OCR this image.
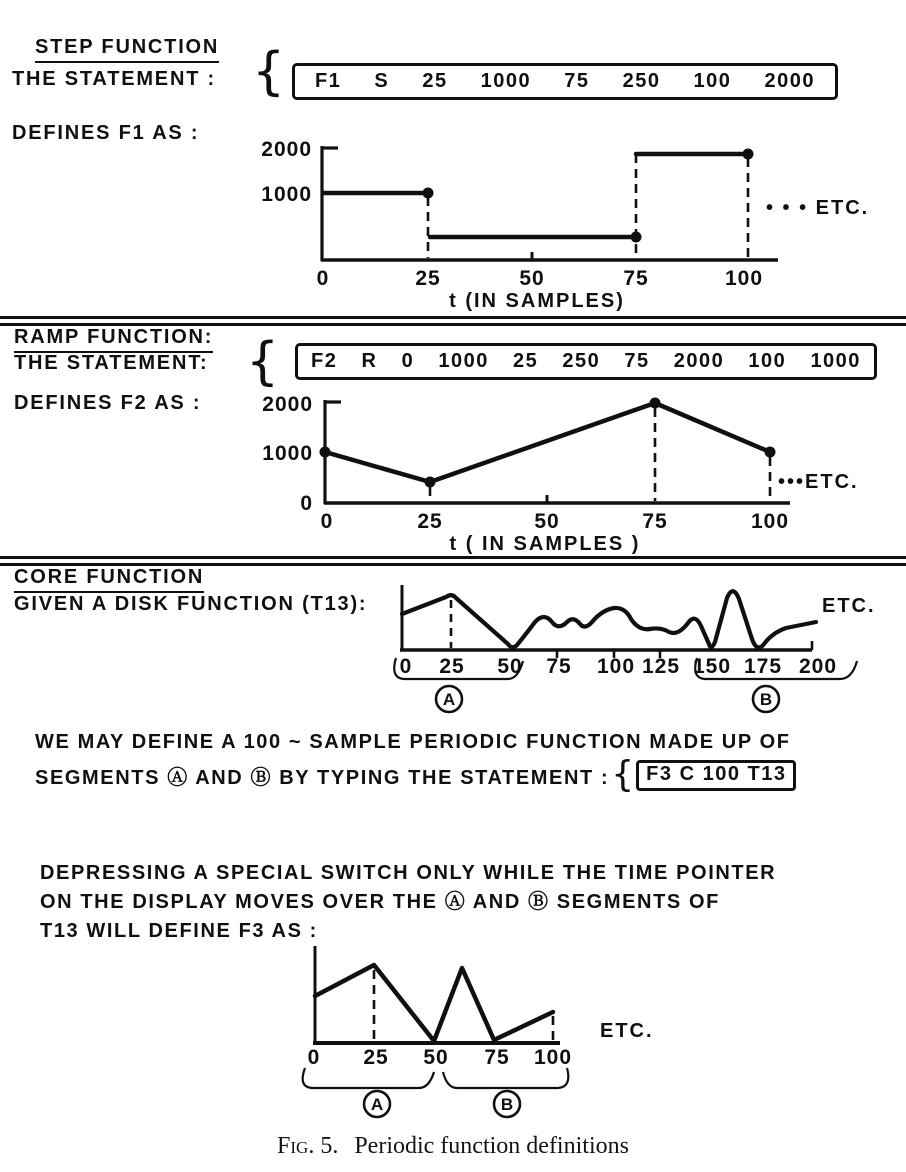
STEP FUNCTION
THE STATEMENT : { F1 S 25 1000 75 250 100 2000
DEFINES F1 AS :
2000
1000
0	25	50	75	100
t (IN SAMPLES)
• • • ETC.
RAMP FUNCTION:
THE STATEMENT: { F2 R 0 1000 25 250 75 2000 100 1000
DEFINES F2 AS :	2000
1000
0
0	25	50	75	100
t ( IN SAMPLES )
•••ETC.
CORE FUNCTION
GIVEN A DISK FUNCTION (T13):
0 25 50 75 100 125 150 175 200
A	B
ETC.
WE MAY DEFINE A 100 ~ SAMPLE PERIODIC FUNCTION MADE UP OF
SEGMENTS Ⓐ AND Ⓑ BY TYPING THE STATEMENT : { F3 C 100 T13
DEPRESSING A SPECIAL SWITCH ONLY WHILE THE TIME POINTER
ON THE DISPLAY MOVES OVER THE Ⓐ AND Ⓑ SEGMENTS OF
T13 WILL DEFINE F3 AS :
0 25 50 75 100
A	B
ETC.
Fig. 5. Periodic function definitions
